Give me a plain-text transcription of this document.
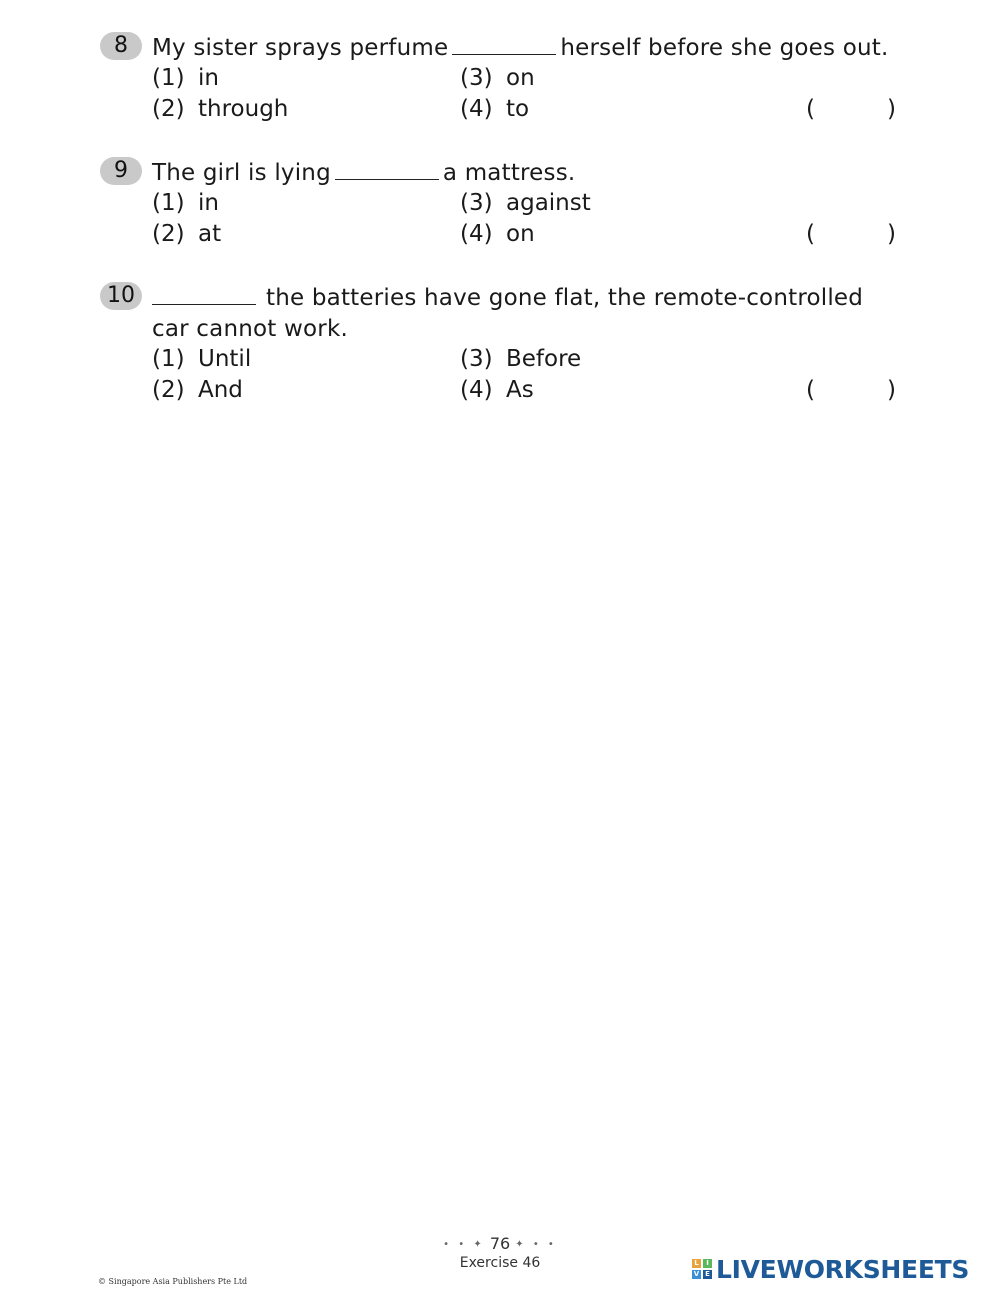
8	My sister sprays perfume	herself before she goes out.
(1) in
(2) through
(3) on
(4) to	(	)
9	The girl is lying	a mattress.
(1) in
(2) at
(3) against
(4) on	(	)
10	the batteries have gone flat, the remote-controlled car cannot work.
(1) Until
(2) And
(3) Before
(4) As	(	)
• • ✦ 76 ✦ • •
Exercise 46
© Singapore Asia Publishers Pte Ltd
L	I
V E LIVEWORKSHEETS
